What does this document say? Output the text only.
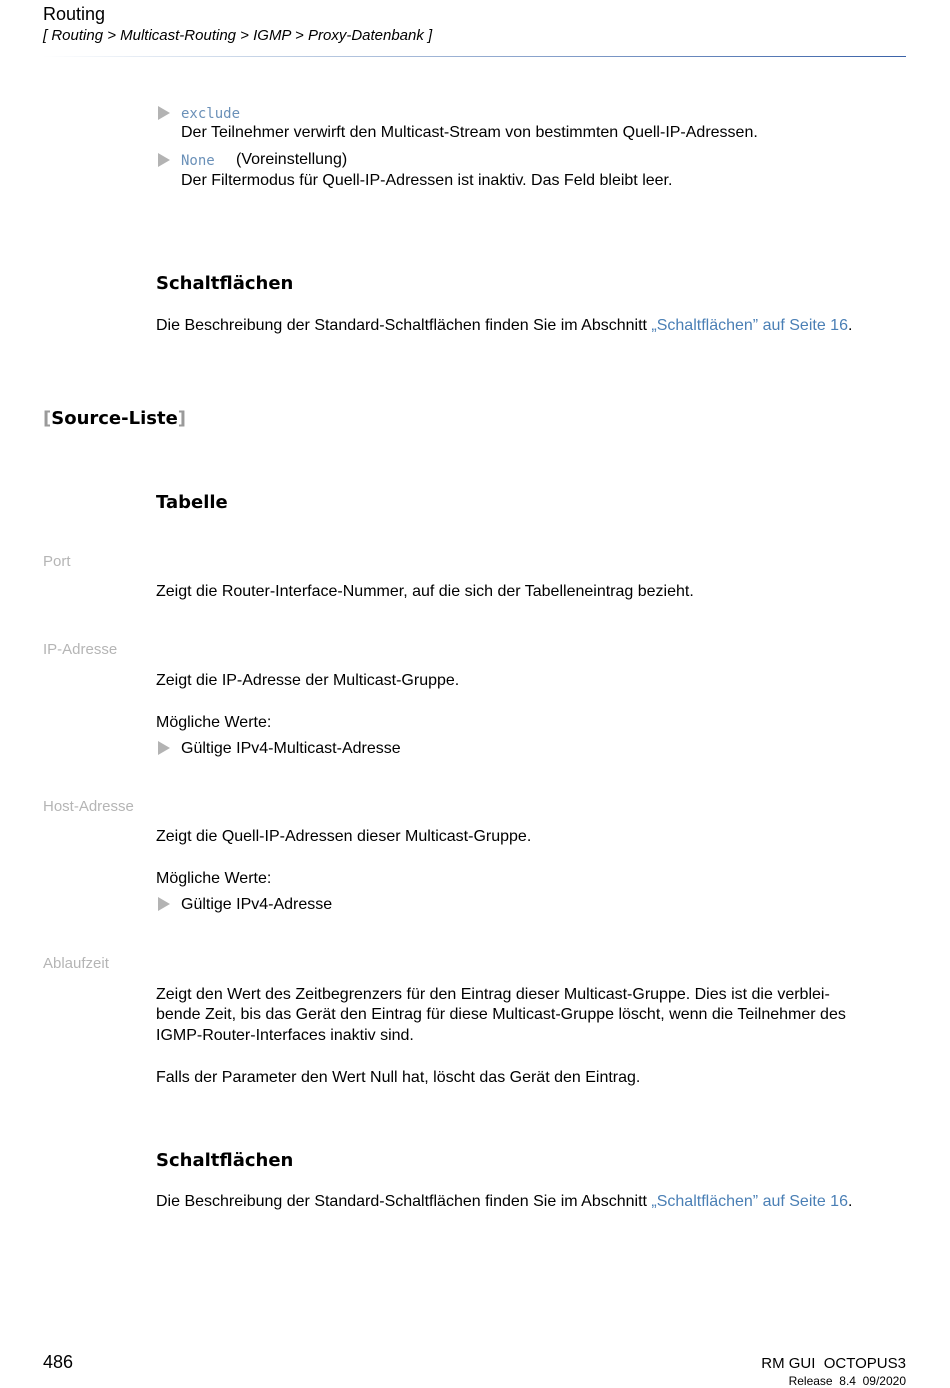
Routing
[ Routing > Multicast-Routing > IGMP > Proxy-Datenbank ]
exclude
Der Teilnehmer verwirft den Multicast-Stream von bestimmten Quell-IP-Adressen.
None (Voreinstellung)
Der Filtermodus für Quell-IP-Adressen ist inaktiv. Das Feld bleibt leer.
Schaltflächen
Die Beschreibung der Standard-Schaltflächen finden Sie im Abschnitt „Schaltflächen” auf Seite 16.
[Source-Liste]
Tabelle
Port
Zeigt die Router-Interface-Nummer, auf die sich der Tabelleneintrag bezieht.
IP-Adresse
Zeigt die IP-Adresse der Multicast-Gruppe.
Mögliche Werte:
Gültige IPv4-Multicast-Adresse
Host-Adresse
Zeigt die Quell-IP-Adressen dieser Multicast-Gruppe.
Mögliche Werte:
Gültige IPv4-Adresse
Ablaufzeit
Zeigt den Wert des Zeitbegrenzers für den Eintrag dieser Multicast-Gruppe. Dies ist die verblei-
bende Zeit, bis das Gerät den Eintrag für diese Multicast-Gruppe löscht, wenn die Teilnehmer des
IGMP-Router-Interfaces inaktiv sind.
Falls der Parameter den Wert Null hat, löscht das Gerät den Eintrag.
Schaltflächen
Die Beschreibung der Standard-Schaltflächen finden Sie im Abschnitt „Schaltflächen” auf Seite 16.
486	RM GUI  OCTOPUS3
Release  8.4  09/2020
